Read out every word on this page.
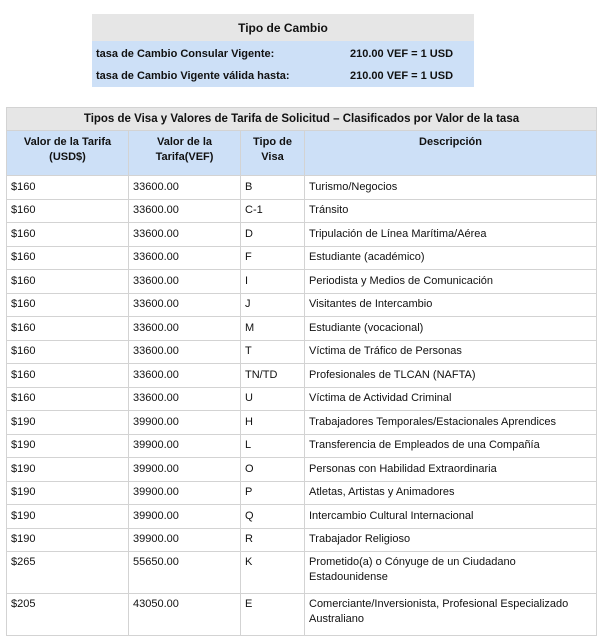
Tipo de Cambio	
tasa de Cambio Consular Vigente:	210.00 VEF = 1 USD
tasa de Cambio Vigente válida hasta:	210.00 VEF = 1 USD
Tipos de Visa y Valores de Tarifa de Solicitud – Clasificados por Valor de la tasa			
Valor de la Tarifa (USD$)	Valor de la Tarifa(VEF)	Tipo de Visa	Descripción
$160	33600.00	B	Turismo/Negocios
$160	33600.00	C-1	Tránsito
$160	33600.00	D	Tripulación de Línea Marítima/Aérea
$160	33600.00	F	Estudiante (académico)
$160	33600.00	I	Periodista y Medios de Comunicación
$160	33600.00	J	Visitantes de Intercambio
$160	33600.00	M	Estudiante (vocacional)
$160	33600.00	T	Víctima de Tráfico de Personas
$160	33600.00	TN/TD	Profesionales de TLCAN (NAFTA)
$160	33600.00	U	Víctima de Actividad Criminal
$190	39900.00	H	Trabajadores Temporales/Estacionales Aprendices
$190	39900.00	L	Transferencia de Empleados de una Compañía
$190	39900.00	O	Personas con Habilidad Extraordinaria
$190	39900.00	P	Atletas, Artistas y Animadores
$190	39900.00	Q	Intercambio Cultural Internacional
$190	39900.00	R	Trabajador Religioso
$265	55650.00	K	Prometido(a) o Cónyuge de un Ciudadano Estadounidense
$205	43050.00	E	Comerciante/Inversionista, Profesional Especializado Australiano
